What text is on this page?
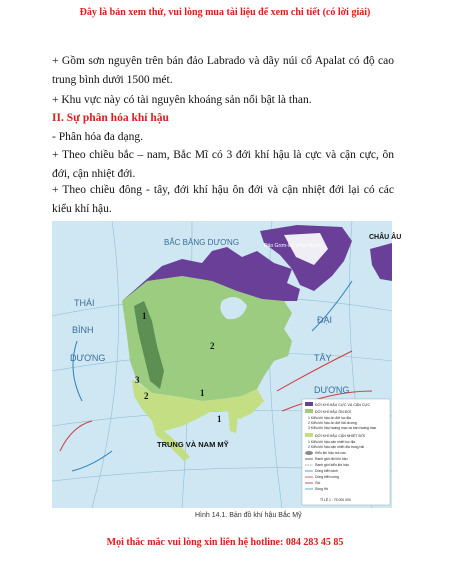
Đây là bản xem thử, vui lòng mua tài liệu để xem chi tiết (có lời giải)
+ Gồm sơn nguyên trên bán đảo Labrado và dãy núi cổ Apalat có độ cao trung bình dưới 1500 mét.
+ Khu vực này có tài nguyên khoáng sản nổi bật là than.
II. Sự phân hóa khí hậu
- Phân hóa đa dạng.
+ Theo chiều bắc – nam, Bắc Mĩ có 3 đới khí hậu là cực và cận cực, ôn đới, cận nhiệt đới.
+ Theo chiều đông - tây, đới khí hậu ôn đới và cận nhiệt đới lại có các kiểu khí hậu.
BẮC BĂNG DƯƠNG	Đảo Grơn-len (Đan Mạch)
CHÂU ÂU
THÁI
BÌNH
DƯƠNG
ĐẠI
TÂY
DƯƠNG
TRUNG VÀ NAM MỸ
1
2
3
1
2
1
ĐỚI KHÍ HẬU CỰC VÀ CẬN CỰC
ĐỚI KHÍ HẬU ÔN ĐỚI
1 Kiểu khí hậu ôn đới lục địa
2 Kiểu khí hậu ôn đới hải dương
3 Kiểu khí hậu hoang mạc và bán hoang mạc
ĐỚI KHÍ HẬU CẬN NHIỆT ĐỚI
1 Kiểu khí hậu cận nhiệt lục địa
2 Kiểu khí hậu cận nhiệt địa trung hải
Kiểu khí hậu núi cao
Ranh giới đới khí hậu
Ranh giới kiểu khí hậu
Dòng biển lạnh
Dòng biển nóng
Gió
Sông Hồ
TỈ LỆ 1 : 75 000 000
Hình 14.1. Bản đồ khí hậu Bắc Mỹ
Mọi thắc mắc vui lòng xin liên hệ hotline: 084 283 45 85
